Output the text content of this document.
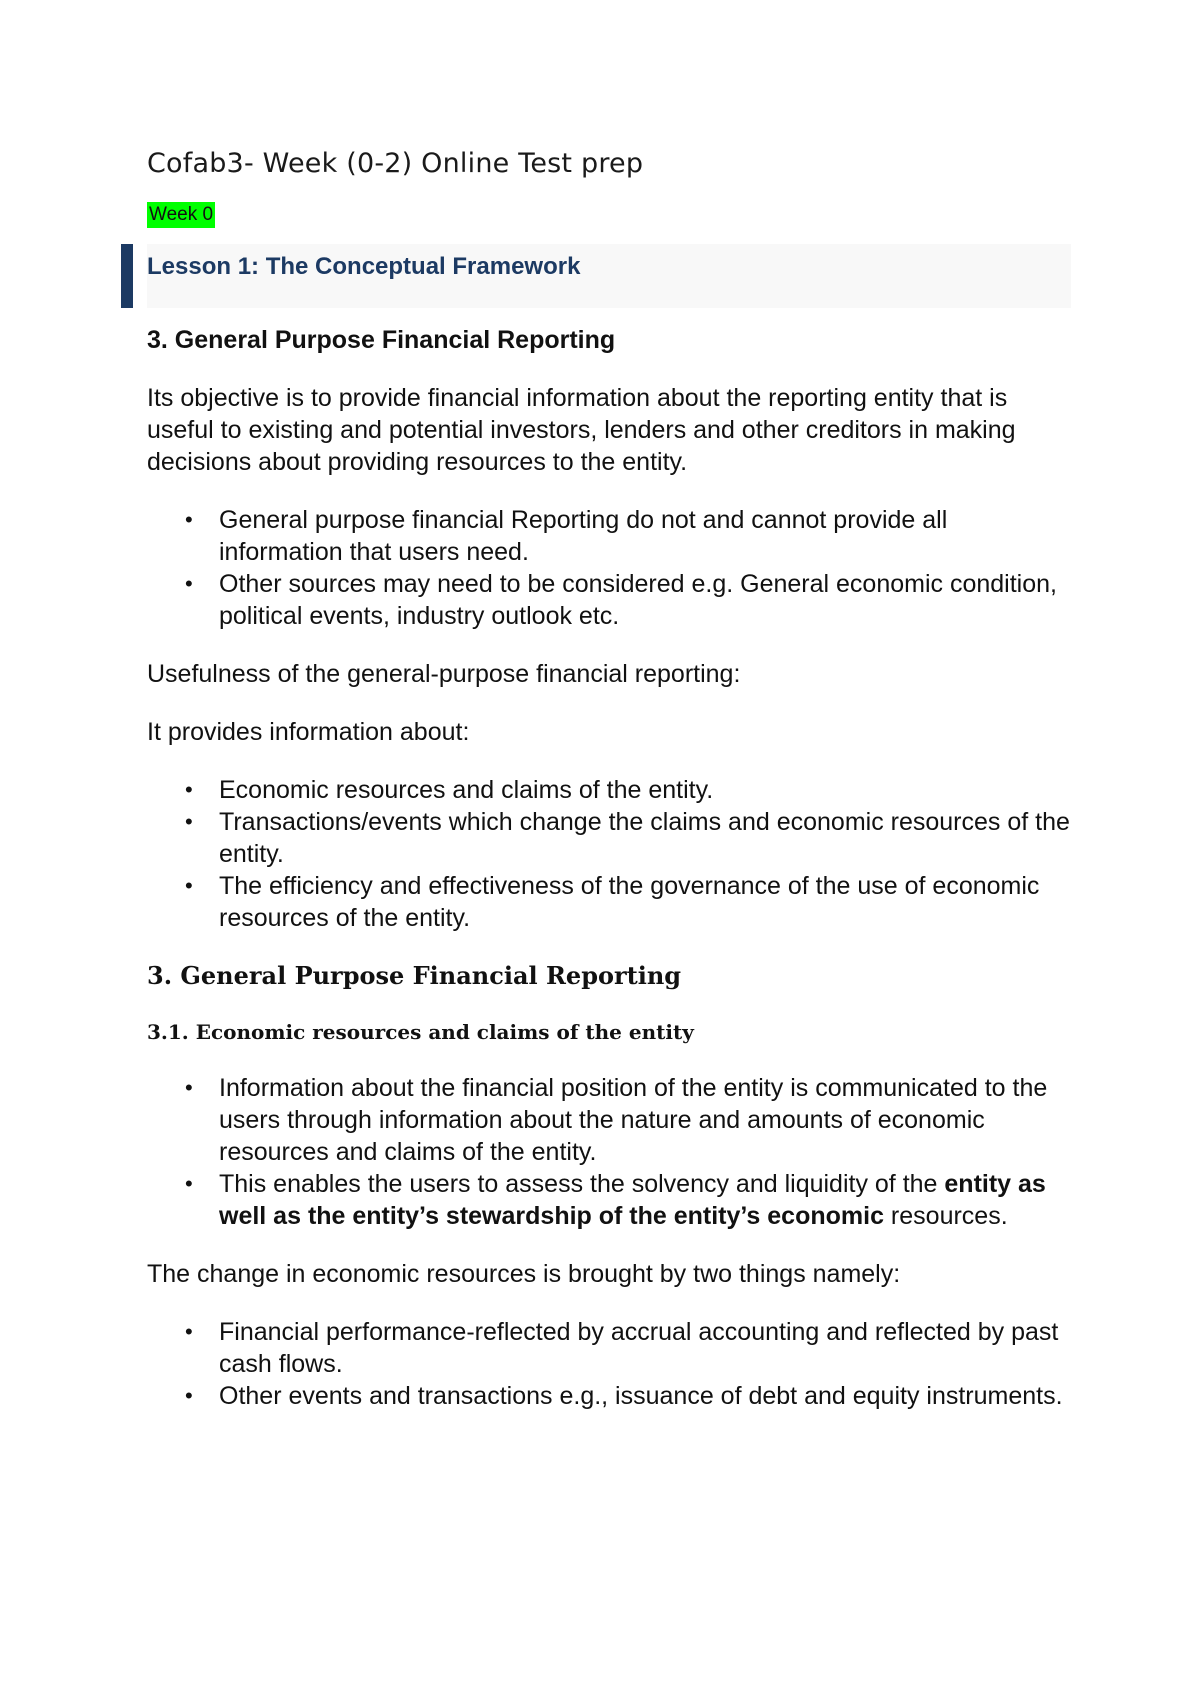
Cofab3- Week (0-2) Online Test prep
Week 0
Lesson 1: The Conceptual Framework
3. General Purpose Financial Reporting

Its objective is to provide financial information about the reporting entity that is useful to existing and potential investors, lenders and other creditors in making decisions about providing resources to the entity.

• General purpose financial Reporting do not and cannot provide all information that users need.
• Other sources may need to be considered e.g. General economic condition, political events, industry outlook etc.

Usefulness of the general-purpose financial reporting:

It provides information about:

• Economic resources and claims of the entity.
• Transactions/events which change the claims and economic resources of the entity.
• The efficiency and effectiveness of the governance of the use of economic resources of the entity.
3. General Purpose Financial Reporting
3.1. Economic resources and claims of the entity
• Information about the financial position of the entity is communicated to the users through information about the nature and amounts of economic resources and claims of the entity.
• This enables the users to assess the solvency and liquidity of the entity as well as the entity’s stewardship of the entity’s economic resources.

The change in economic resources is brought by two things namely:

• Financial performance-reflected by accrual accounting and reflected by past cash flows.
• Other events and transactions e.g., issuance of debt and equity instruments.
